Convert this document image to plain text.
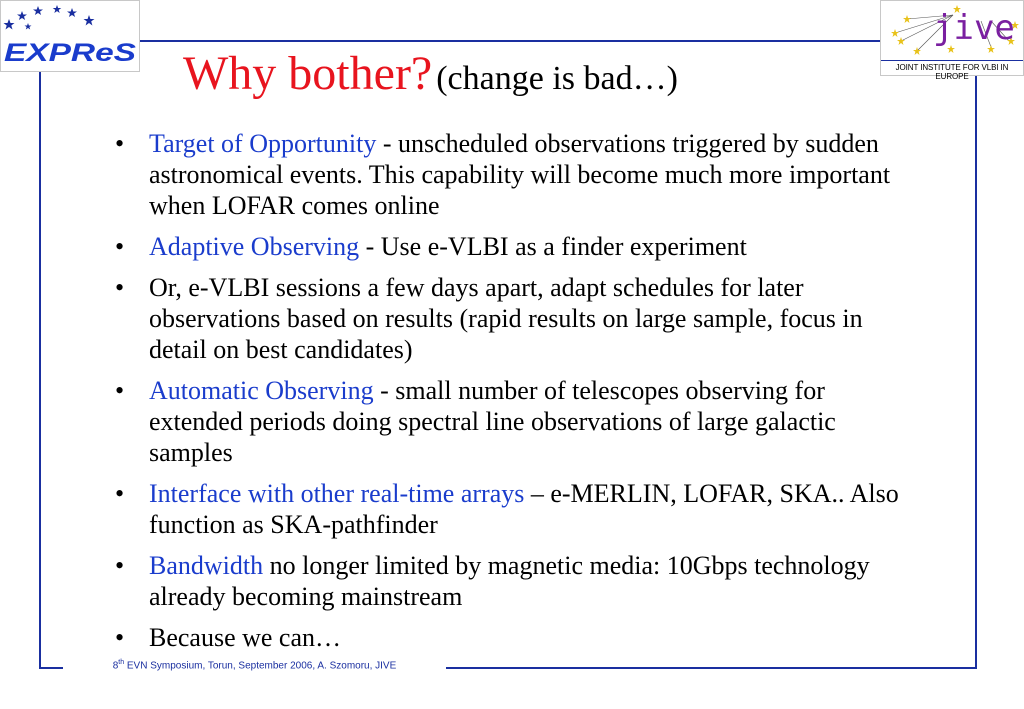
EXPReS
jive
JOINT INSTITUTE FOR VLBI IN EUROPE
Why bother? (change is bad…)
• Target of Opportunity - unscheduled observations triggered by sudden astronomical events. This capability will become much more important when LOFAR comes online
• Adaptive Observing - Use e-VLBI as a finder experiment
• Or, e-VLBI sessions a few days apart, adapt schedules for later observations based on results (rapid results on large sample, focus in detail on best candidates)
• Automatic Observing - small number of telescopes observing for extended periods doing spectral line observations of large galactic samples
• Interface with other real-time arrays – e-MERLIN, LOFAR, SKA.. Also function as SKA-pathfinder
• Bandwidth no longer limited by magnetic media: 10Gbps technology already becoming mainstream
• Because we can…
8th EVN Symposium, Torun, September 2006, A. Szomoru, JIVE
